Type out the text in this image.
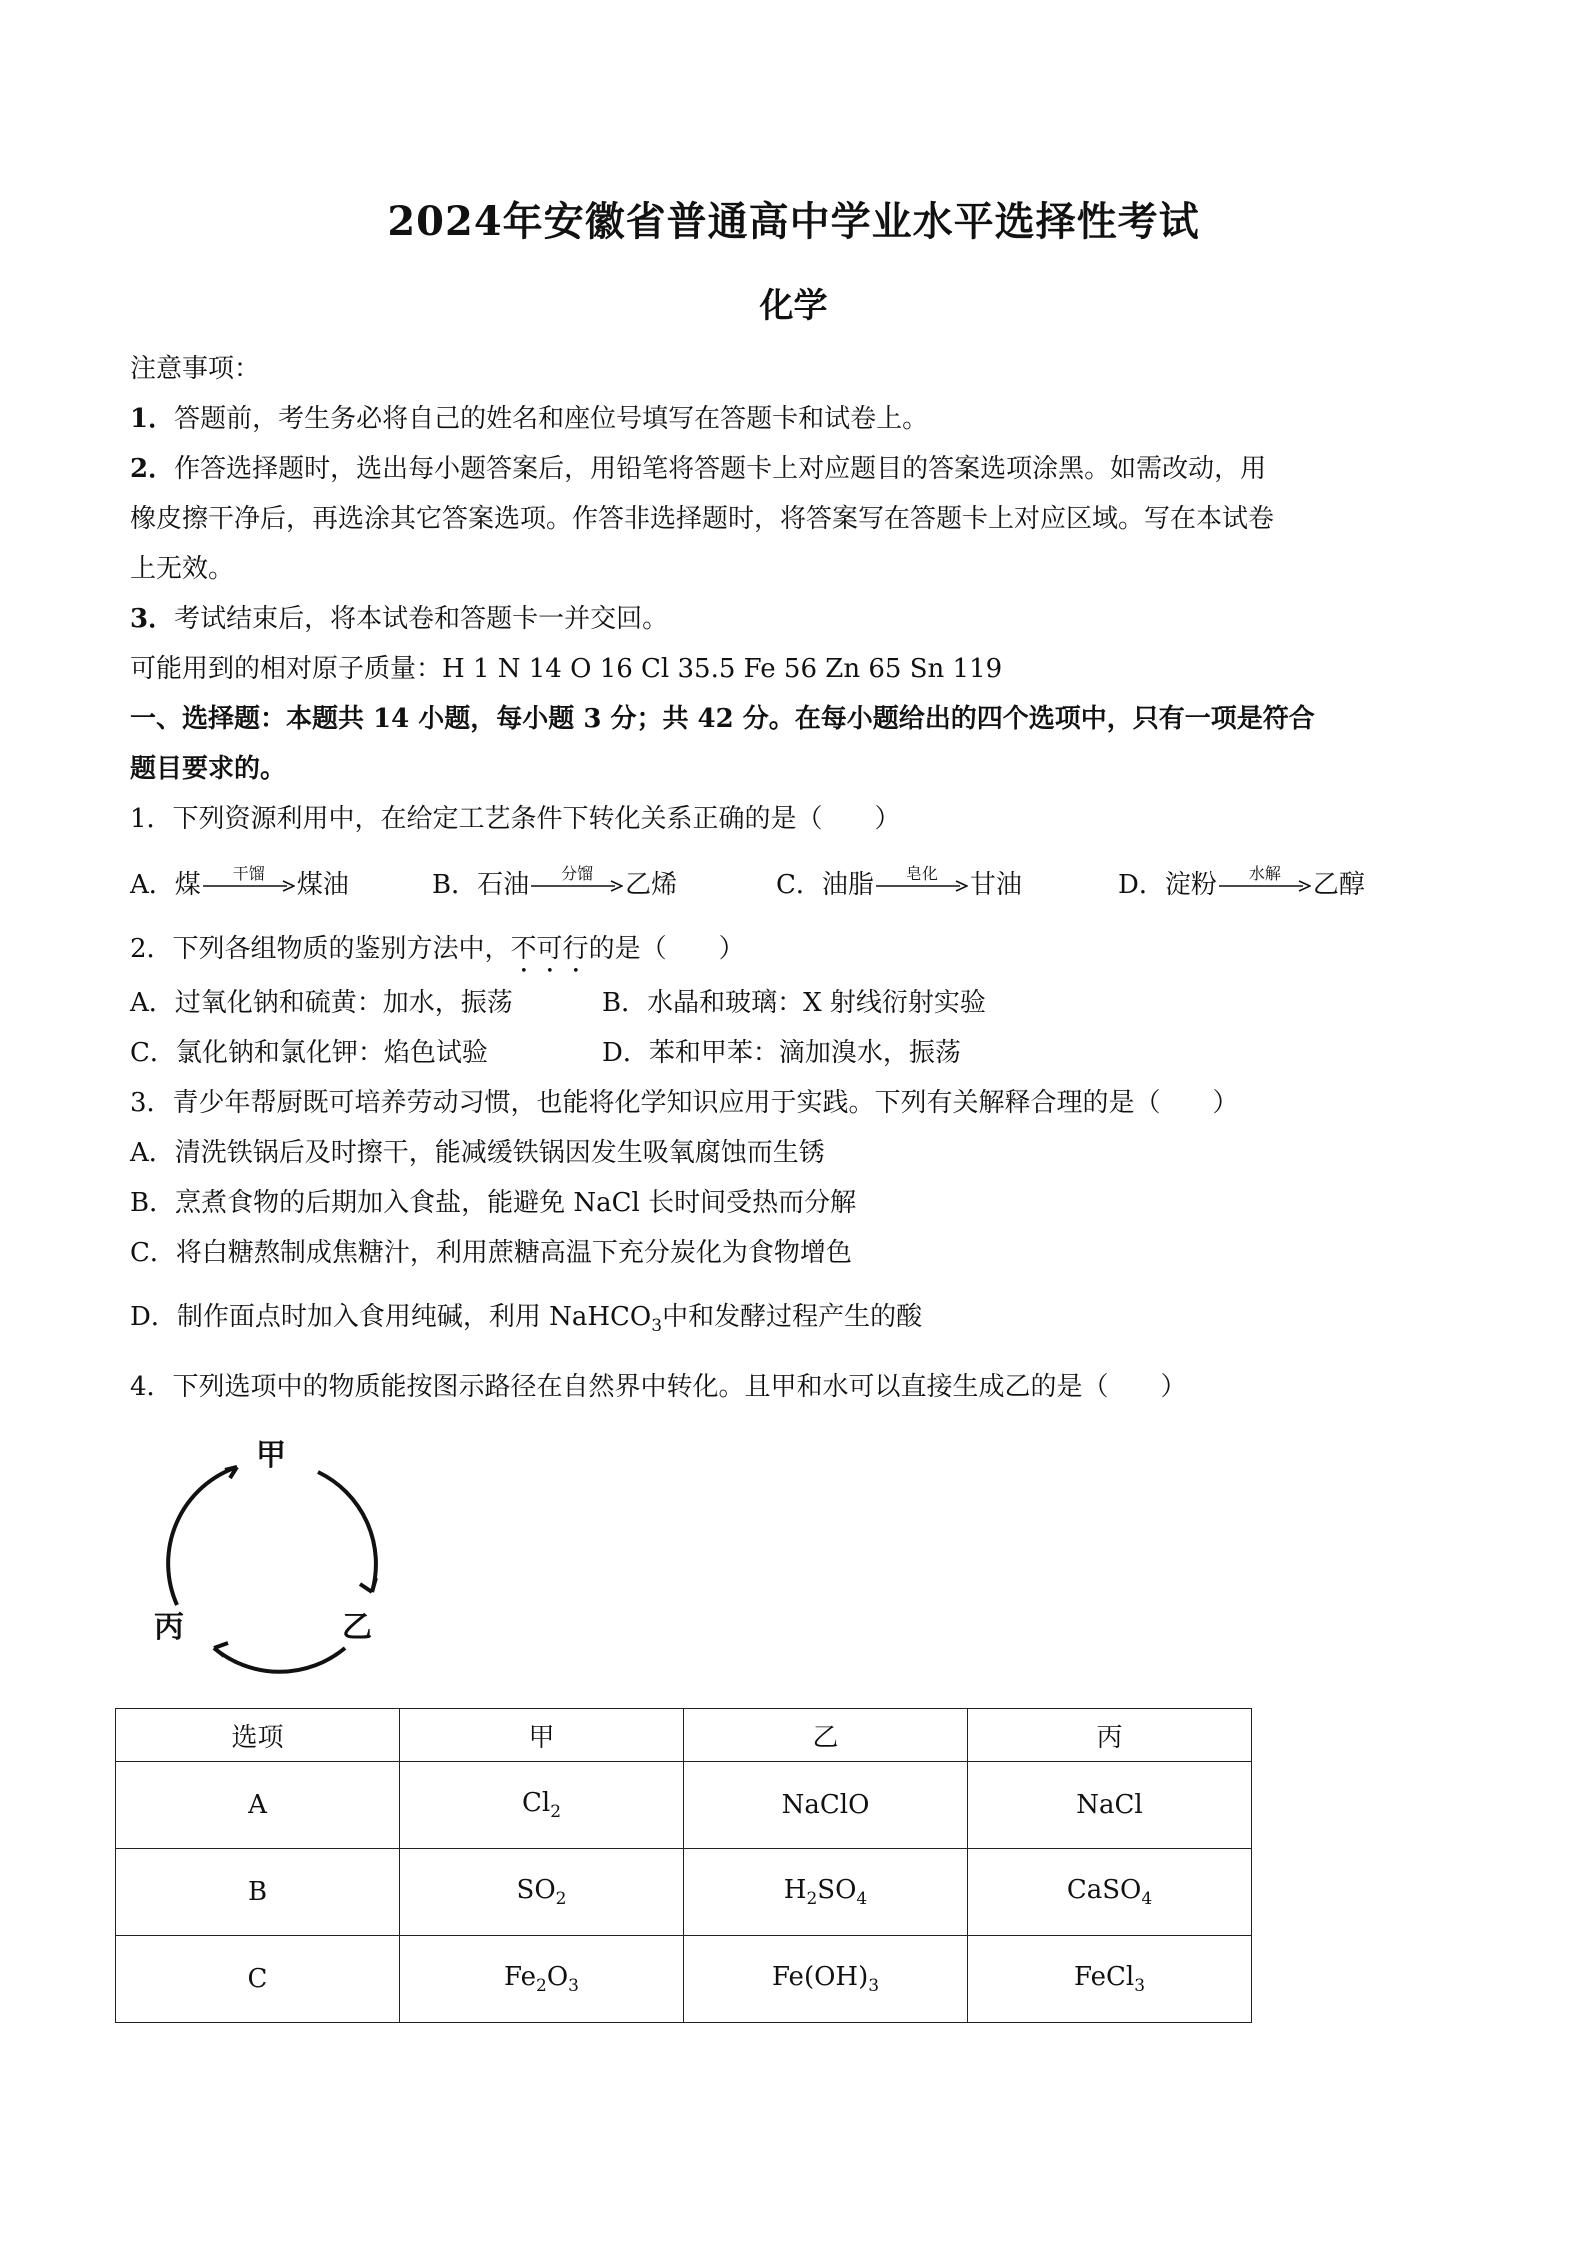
2024年安徽省普通高中学业水平选择性考试
化学
注意事项：
1．答题前，考生务必将自己的姓名和座位号填写在答题卡和试卷上。
2．作答选择题时，选出每小题答案后，用铅笔将答题卡上对应题目的答案选项涂黑。如需改动，用
橡皮擦干净后，再选涂其它答案选项。作答非选择题时，将答案写在答题卡上对应区域。写在本试卷
上无效。
3．考试结束后，将本试卷和答题卡一并交回。
可能用到的相对原子质量：H 1 N 14 O 16 Cl 35.5 Fe 56 Zn 65 Sn 119
一、选择题：本题共 14 小题，每小题 3 分；共 42 分。在每小题给出的四个选项中，只有一项是符合
题目要求的。
1．下列资源利用中，在给定工艺条件下转化关系正确的是（　　）
A．煤	干馏	煤油	B．石油	分馏	乙烯	C．油脂	皂化	甘油	D．淀粉	水解	乙醇
2．下列各组物质的鉴别方法中，不可行的是（　　）
A．过氧化钠和硫黄：加水，振荡	B．水晶和玻璃：X 射线衍射实验
C．氯化钠和氯化钾：焰色试验	D．苯和甲苯：滴加溴水，振荡
3．青少年帮厨既可培养劳动习惯，也能将化学知识应用于实践。下列有关解释合理的是（　　）
A．清洗铁锅后及时擦干，能减缓铁锅因发生吸氧腐蚀而生锈
B．烹煮食物的后期加入食盐，能避免 NaCl 长时间受热而分解
C．将白糖熬制成焦糖汁，利用蔗糖高温下充分炭化为食物增色
D．制作面点时加入食用纯碱，利用 NaHCO$_3$中和发酵过程产生的酸
4．下列选项中的物质能按图示路径在自然界中转化。且甲和水可以直接生成乙的是（　　）
甲
乙
丙
选项	甲	乙	丙
A	$Cl_2$	NaClO	NaCl
B	$SO_2$	$H_2SO_4$	CaSO$_4$
C	$Fe_2O_3$	$Fe(OH)_3$	FeCl$_3$
